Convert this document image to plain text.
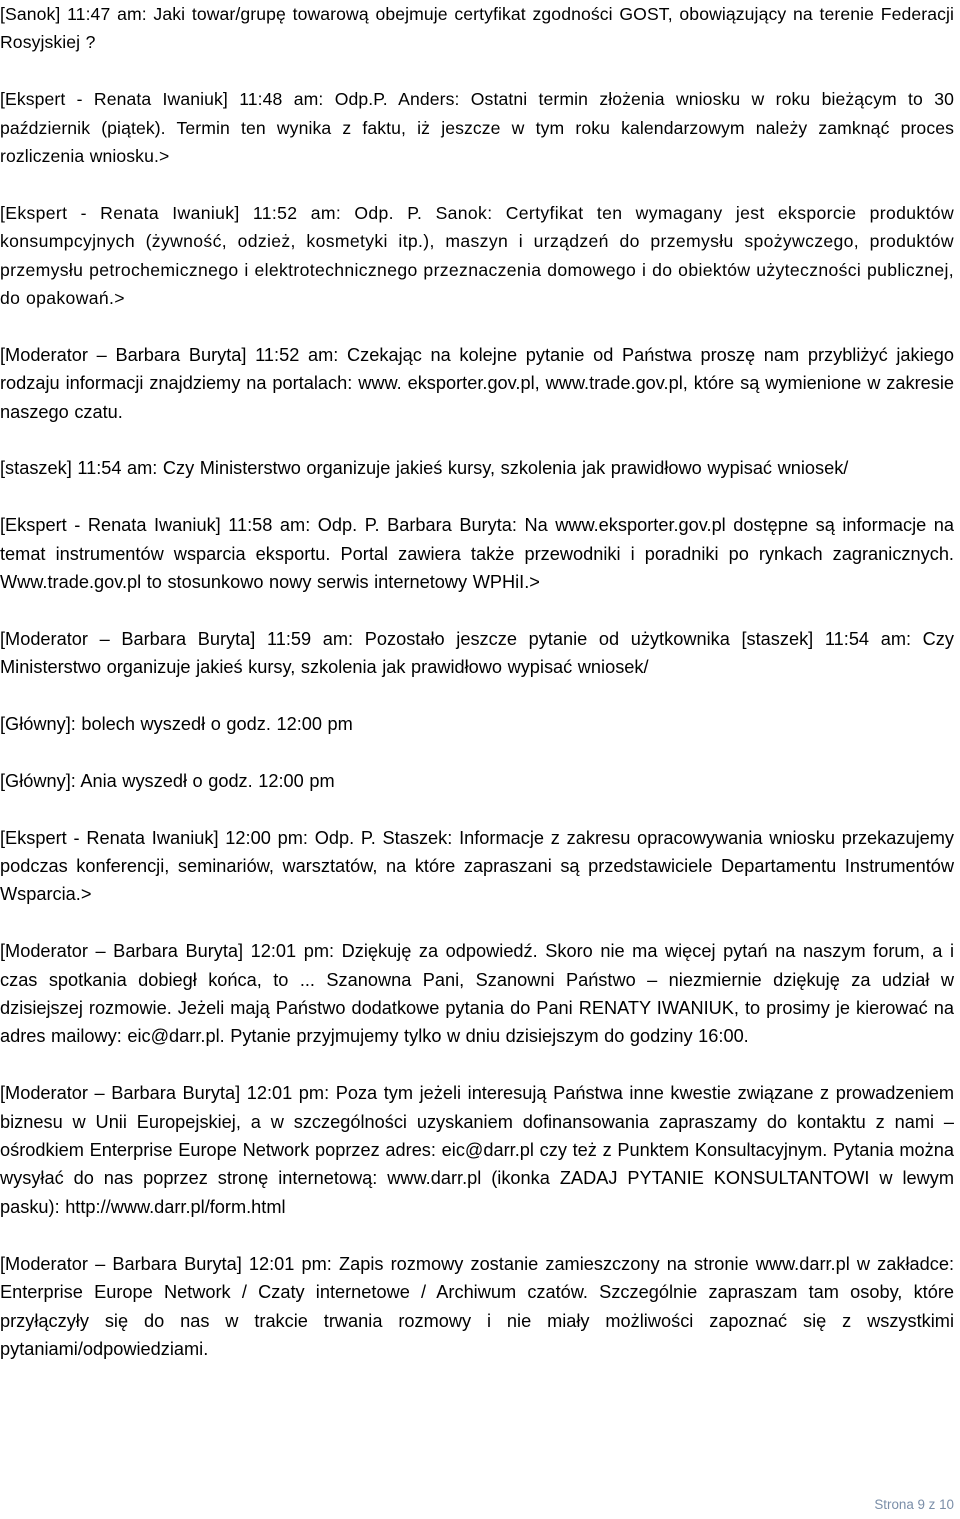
[Sanok] 11:47 am: Jaki towar/grupę towarową obejmuje certyfikat zgodności GOST, obowiązujący na terenie Federacji Rosyjskiej ?

[Ekspert - Renata Iwaniuk] 11:48 am: Odp.P. Anders: Ostatni termin złożenia wniosku w roku bieżącym to 30 październik (piątek). Termin ten wynika z faktu, iż jeszcze w tym roku kalendarzowym należy zamknąć proces rozliczenia wniosku.>

[Ekspert - Renata Iwaniuk] 11:52 am: Odp. P. Sanok: Certyfikat ten wymagany jest eksporcie produktów konsumpcyjnych (żywność, odzież, kosmetyki itp.), maszyn i urządzeń do przemysłu spożywczego, produktów przemysłu petrochemicznego i elektrotechnicznego przeznaczenia domowego i do obiektów użyteczności publicznej, do opakowań.>

[Moderator – Barbara Buryta] 11:52 am: Czekając na kolejne pytanie od Państwa proszę nam przybliżyć jakiego rodzaju informacji znajdziemy na portalach: www. eksporter.gov.pl, www.trade.gov.pl, które są wymienione w zakresie naszego czatu.

[staszek] 11:54 am: Czy Ministerstwo organizuje jakieś kursy, szkolenia jak prawidłowo wypisać wniosek/

[Ekspert - Renata Iwaniuk] 11:58 am: Odp. P. Barbara Buryta: Na www.eksporter.gov.pl dostępne są informacje na temat instrumentów wsparcia eksportu. Portal zawiera także przewodniki i poradniki po rynkach zagranicznych. Www.trade.gov.pl to stosunkowo nowy serwis internetowy WPHiI.>

[Moderator – Barbara Buryta] 11:59 am: Pozostało jeszcze pytanie od użytkownika [staszek] 11:54 am: Czy Ministerstwo organizuje jakieś kursy, szkolenia jak prawidłowo wypisać wniosek/

[Główny]: bolech wyszedł o godz. 12:00 pm

[Główny]: Ania wyszedł o godz. 12:00 pm

[Ekspert - Renata Iwaniuk] 12:00 pm: Odp. P. Staszek: Informacje z zakresu opracowywania wniosku przekazujemy podczas konferencji, seminariów, warsztatów, na które zapraszani są przedstawiciele Departamentu Instrumentów Wsparcia.>

[Moderator – Barbara Buryta] 12:01 pm: Dziękuję za odpowiedź. Skoro nie ma więcej pytań na naszym forum, a i czas spotkania dobiegł końca, to ... Szanowna Pani, Szanowni Państwo – niezmiernie dziękuję za udział w dzisiejszej rozmowie. Jeżeli mają Państwo dodatkowe pytania do Pani RENATY IWANIUK, to prosimy je kierować na adres mailowy: eic@darr.pl. Pytanie przyjmujemy tylko w dniu dzisiejszym do godziny 16:00.

[Moderator – Barbara Buryta] 12:01 pm: Poza tym jeżeli interesują Państwa inne kwestie związane z prowadzeniem biznesu w Unii Europejskiej, a w szczególności uzyskaniem dofinansowania zapraszamy do kontaktu z nami – ośrodkiem Enterprise Europe Network poprzez adres: eic@darr.pl czy też z Punktem Konsultacyjnym. Pytania można wysyłać do nas poprzez stronę internetową: www.darr.pl (ikonka ZADAJ PYTANIE KONSULTANTOWI w lewym pasku): http://www.darr.pl/form.html

[Moderator – Barbara Buryta] 12:01 pm: Zapis rozmowy zostanie zamieszczony na stronie www.darr.pl w zakładce: Enterprise Europe Network / Czaty internetowe / Archiwum czatów. Szczególnie zapraszam tam osoby, które przyłączyły się do nas w trakcie trwania rozmowy i nie miały możliwości zapoznać się z wszystkimi pytaniami/odpowiedziami.

Strona 9 z 10
